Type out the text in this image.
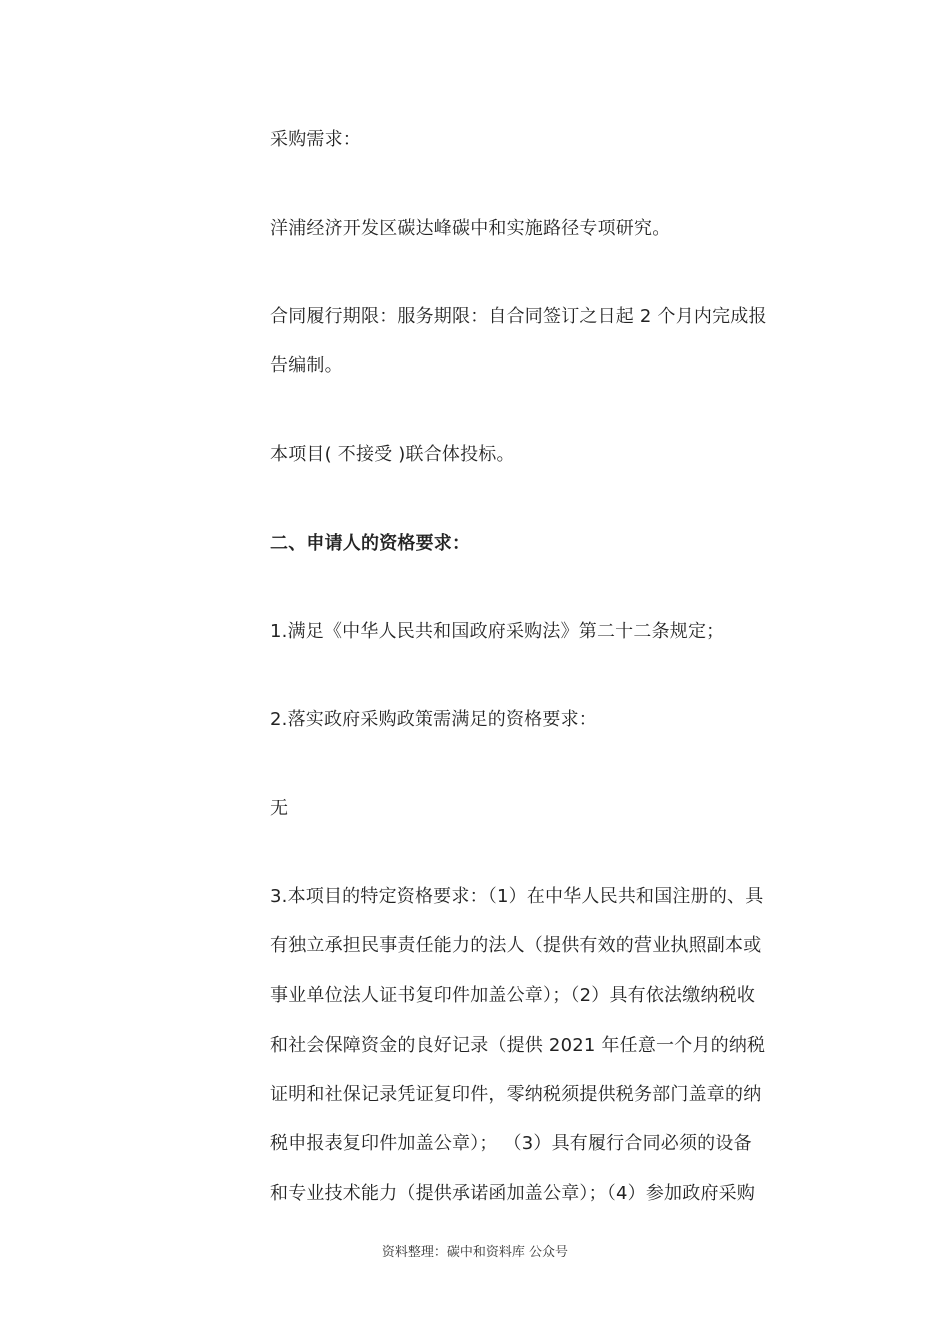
采购需求：
洋浦经济开发区碳达峰碳中和实施路径专项研究。
合同履行期限：服务期限：自合同签订之日起 2 个月内完成报
告编制。
本项目( 不接受 )联合体投标。
二、申请人的资格要求：
1.满足《中华人民共和国政府采购法》第二十二条规定；
2.落实政府采购政策需满足的资格要求：
无
3.本项目的特定资格要求：（1）在中华人民共和国注册的、具
有独立承担民事责任能力的法人（提供有效的营业执照副本或
事业单位法人证书复印件加盖公章）；（2）具有依法缴纳税收
和社会保障资金的良好记录（提供 2021 年任意一个月的纳税
证明和社保记录凭证复印件，零纳税须提供税务部门盖章的纳
税申报表复印件加盖公章）； （3）具有履行合同必须的设备
和专业技术能力（提供承诺函加盖公章）；（4）参加政府采购
资料整理：碳中和资料库 公众号
